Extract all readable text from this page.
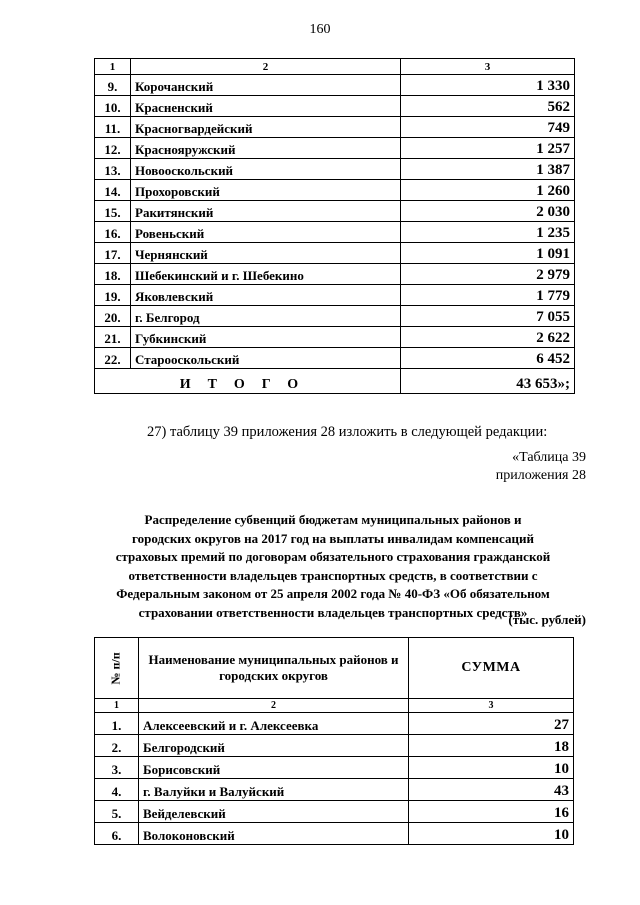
160
1	2	3
9.	Корочанский	1 330
10.	Красненский	562
11.	Красногвардейский	749
12.	Краснояружский	1 257
13.	Новооскольский	1 387
14.	Прохоровский	1 260
15.	Ракитянский	2 030
16.	Ровеньский	1 235
17.	Чернянский	1 091
18.	Шебекинский и г. Шебекино	2 979
19.	Яковлевский	1 779
20.	г. Белгород	7 055
21.	Губкинский	2 622
22.	Старооскольский	6 452
ИТОГО		43 653»;
27) таблицу 39 приложения 28 изложить в следующей редакции:
«Таблица 39
приложения 28
Распределение субвенций бюджетам муниципальных районов и
городских округов на 2017 год на выплаты инвалидам компенсаций
страховых премий по договорам обязательного страхования гражданской
ответственности владельцев транспортных средств, в соответствии с
Федеральным законом от 25 апреля 2002 года № 40-ФЗ «Об обязательном
страховании ответственности владельцев транспортных средств»
(тыс. рублей)
№ п/п	Наименование муниципальных районов и городских округов	СУММА
1	2	3
1.	Алексеевский и г. Алексеевка	27
2.	Белгородский	18
3.	Борисовский	10
4.	г. Валуйки и Валуйский	43
5.	Вейделевский	16
6.	Волоконовский	10
